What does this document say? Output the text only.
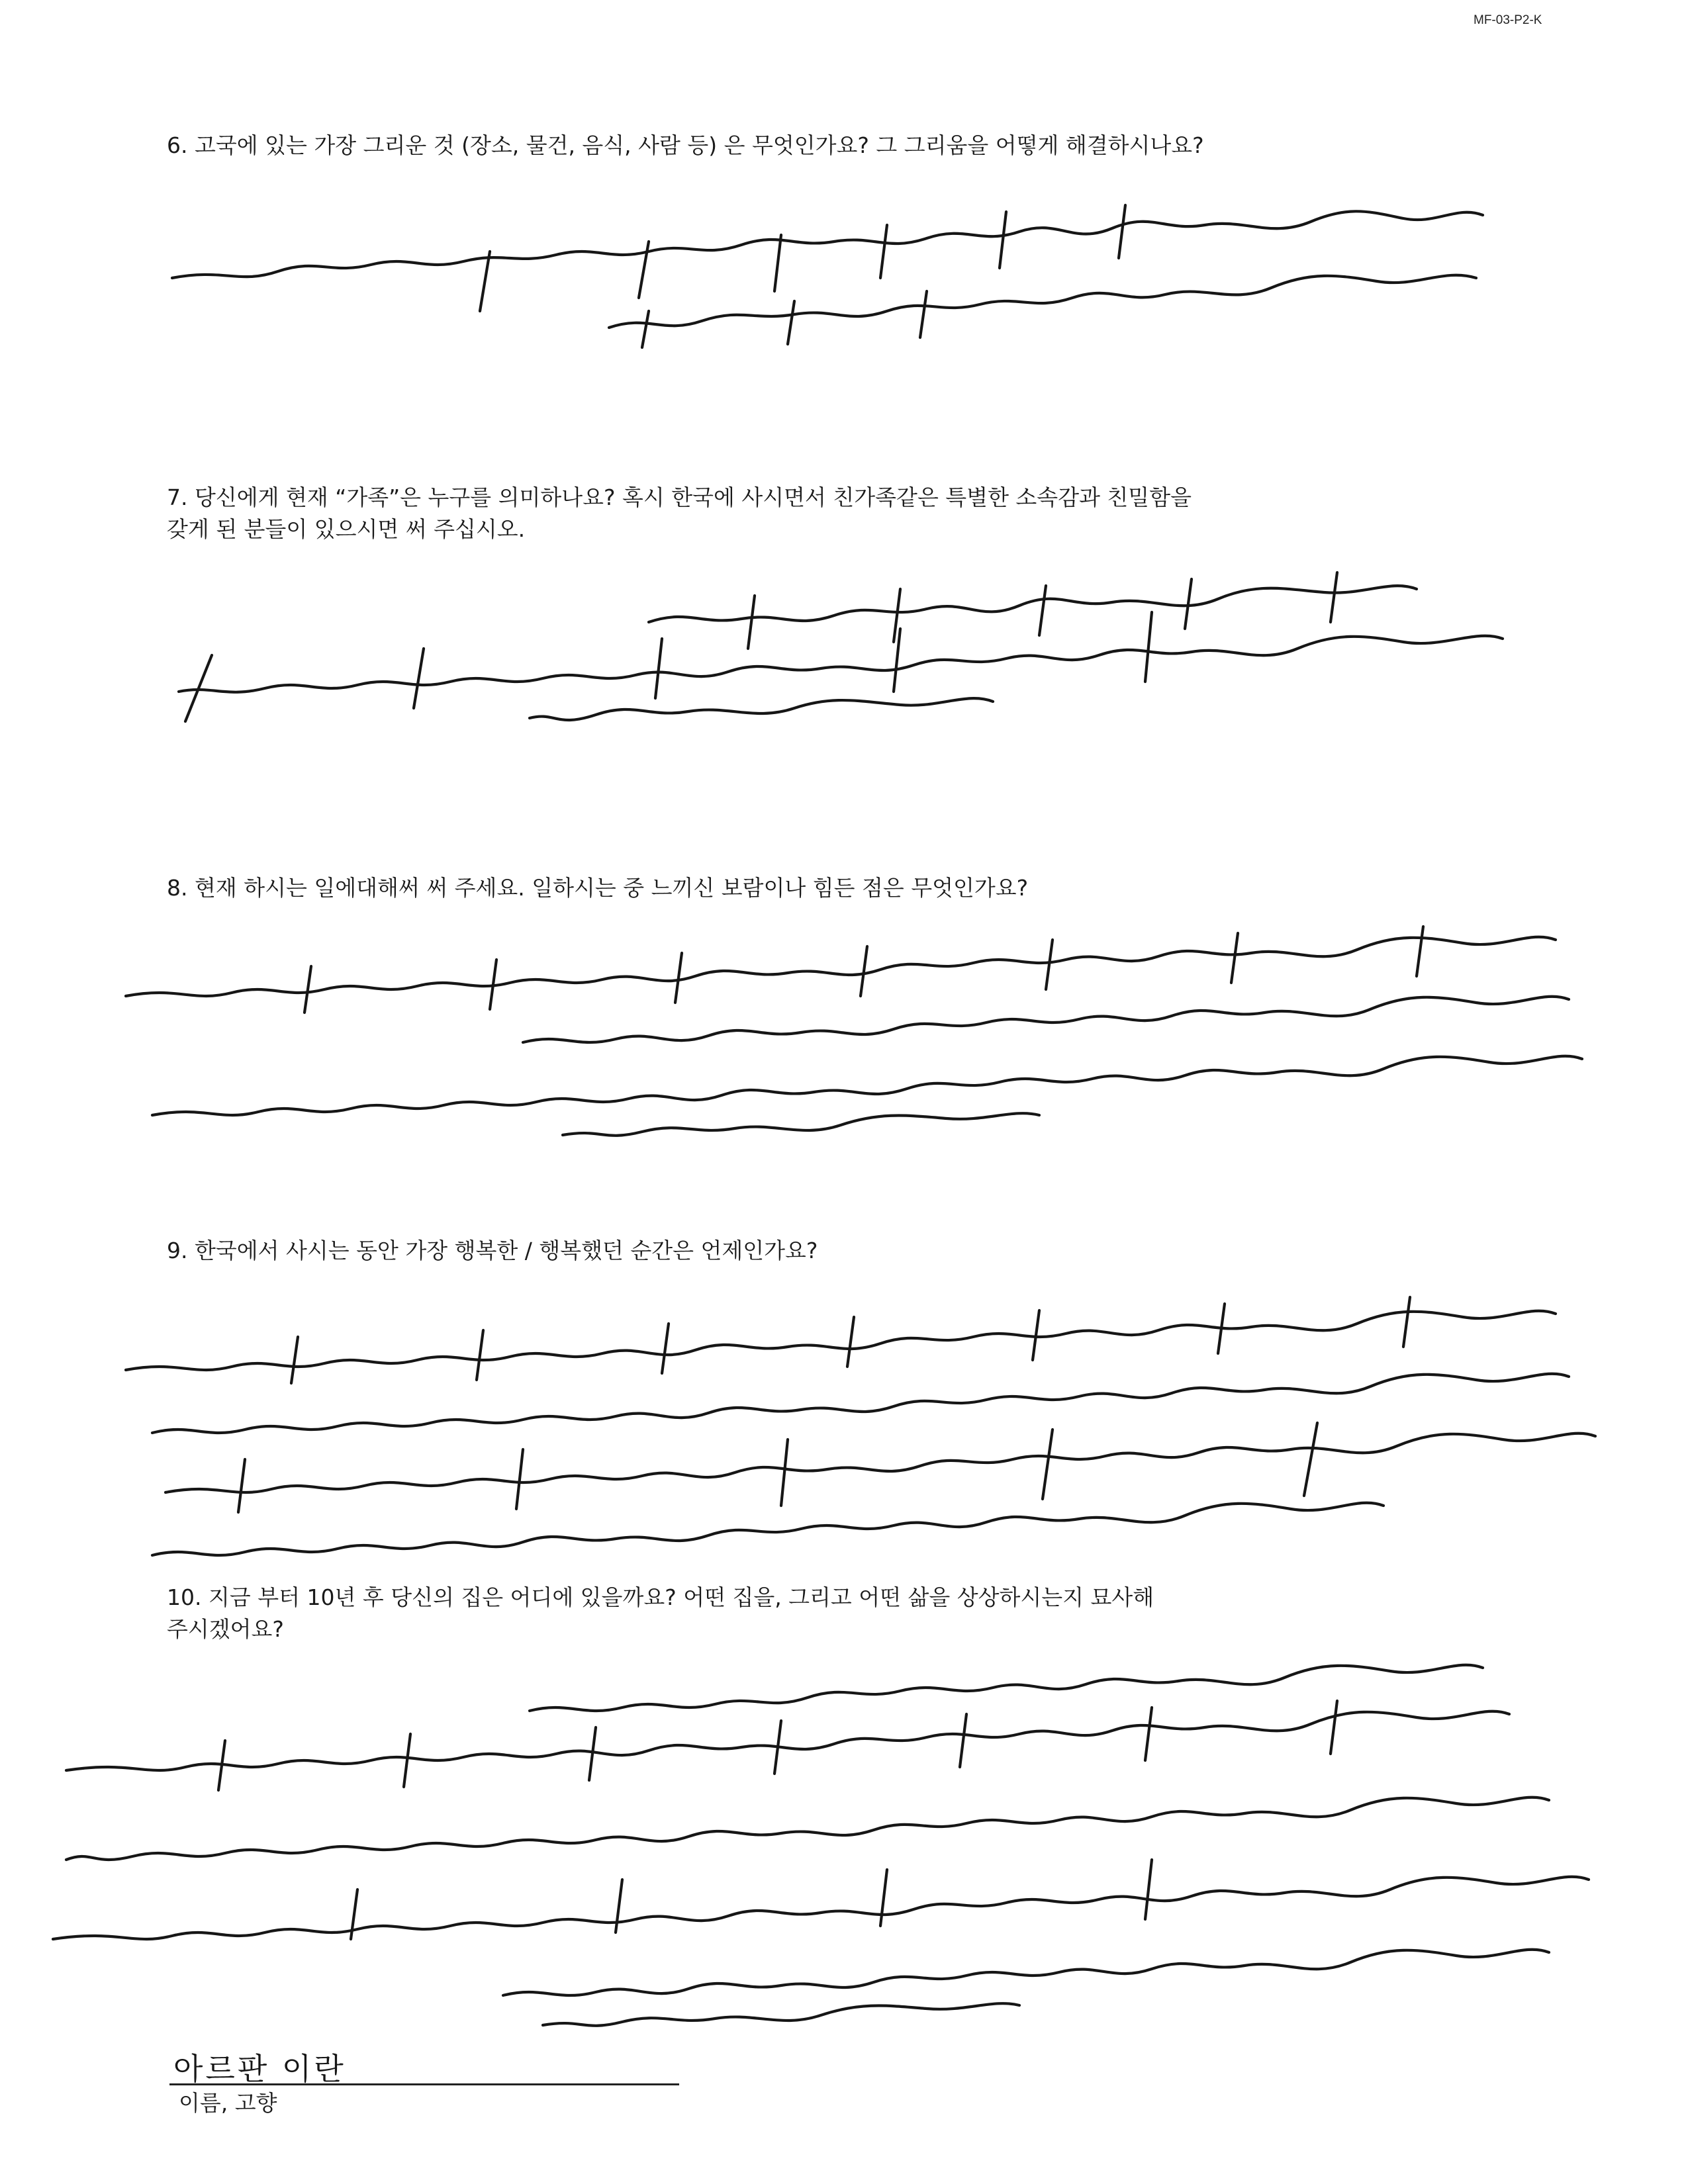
MF-03-P2-K
6. 고국에 있는 가장 그리운 것 (장소, 물건, 음식, 사람 등) 은 무엇인가요? 그 그리움을 어떻게 해결하시나요?
7. 당신에게 현재 “가족”은 누구를 의미하나요? 혹시 한국에 사시면서 친가족같은 특별한 소속감과 친밀함을
갖게 된 분들이 있으시면 써 주십시오.
8. 현재 하시는 일에대해써 써 주세요. 일하시는 중 느끼신 보람이나 힘든 점은 무엇인가요?
9. 한국에서 사시는 동안 가장 행복한 / 행복했던 순간은 언제인가요?
10. 지금 부터 10년 후 당신의 집은 어디에 있을까요? 어떤 집을, 그리고 어떤 삶을 상상하시는지 묘사해
주시겠어요?
아르판 이란
이름, 고향
